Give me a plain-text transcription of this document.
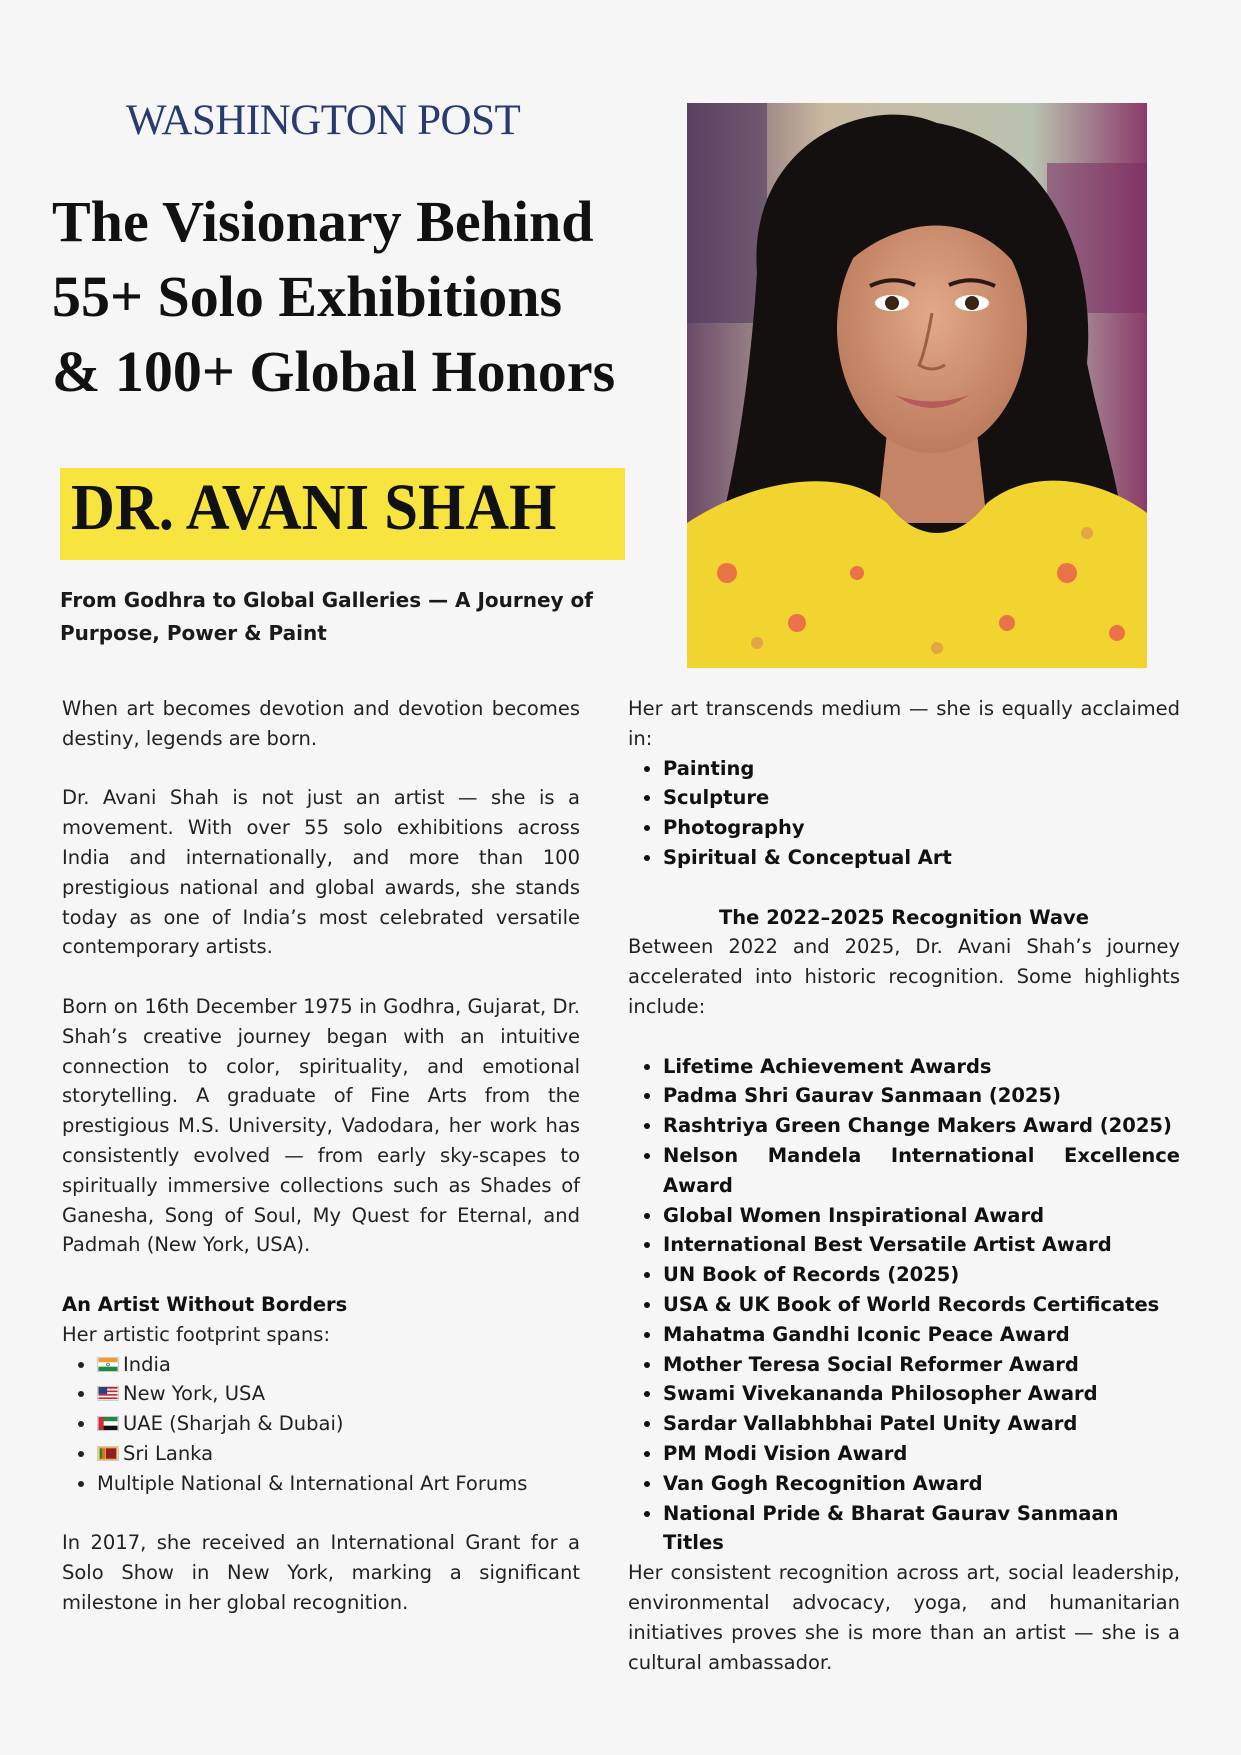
WASHINGTON POST
The Visionary Behind
55+ Solo Exhibitions
& 100+ Global Honors
DR. AVANI SHAH
From Godhra to Global Galleries — A Journey of Purpose, Power & Paint

When art becomes devotion and devotion becomes destiny, legends are born.

Dr. Avani Shah is not just an artist — she is a movement. With over 55 solo exhibitions across India and internationally, and more than 100 prestigious national and global awards, she stands today as one of India’s most celebrated versatile contemporary artists.

Born on 16th December 1975 in Godhra, Gujarat, Dr. Shah’s creative journey began with an intuitive connection to color, spirituality, and emotional storytelling. A graduate of Fine Arts from the prestigious M.S. University, Vadodara, her work has consistently evolved — from early sky-scapes to spiritually immersive collections such as Shades of Ganesha, Song of Soul, My Quest for Eternal, and Padmah (New York, USA).

An Artist Without Borders

Her artistic footprint spans:

• India
• New York, USA
• UAE (Sharjah & Dubai)
• Sri Lanka
• Multiple National & International Art Forums

In 2017, she received an International Grant for a Solo Show in New York, marking a significant milestone in her global recognition.

Her art transcends medium — she is equally acclaimed in:

• Painting
• Sculpture
• Photography
• Spiritual & Conceptual Art
The 2022–2025 Recognition Wave

Between 2022 and 2025, Dr. Avani Shah’s journey accelerated into historic recognition. Some highlights include:

• Lifetime Achievement Awards
• Padma Shri Gaurav Sanmaan (2025)
• Rashtriya Green Change Makers Award (2025)
• Nelson Mandela International Excellence Award
• Global Women Inspirational Award
• International Best Versatile Artist Award
• UN Book of Records (2025)
• USA & UK Book of World Records Certificates
• Mahatma Gandhi Iconic Peace Award
• Mother Teresa Social Reformer Award
• Swami Vivekananda Philosopher Award
• Sardar Vallabhbhai Patel Unity Award
• PM Modi Vision Award
• Van Gogh Recognition Award
• National Pride & Bharat Gaurav Sanmaan Titles

Her consistent recognition across art, social leadership, environmental advocacy, yoga, and humanitarian initiatives proves she is more than an artist — she is a cultural ambassador.
